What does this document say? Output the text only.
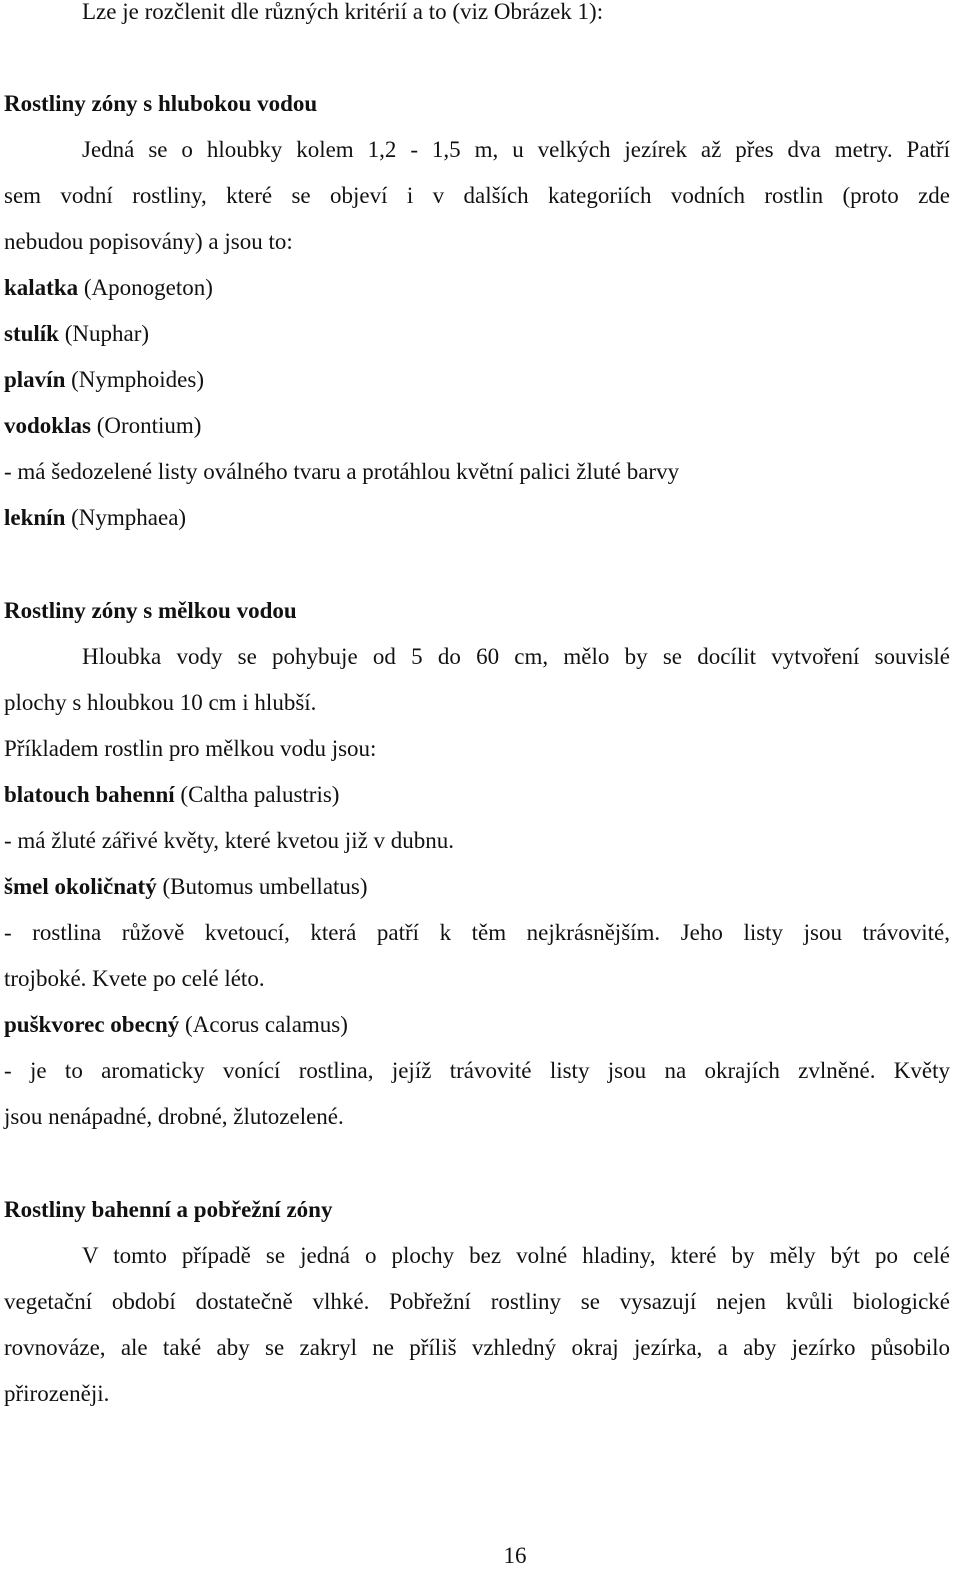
Lze je rozčlenit dle různých kritérií a to (viz Obrázek 1):
Rostliny zóny s hlubokou vodou
Jedná se o hloubky kolem 1,2 - 1,5 m, u velkých jezírek až přes dva metry. Patří
sem vodní rostliny, které se objeví i v dalších kategoriích vodních rostlin (proto zde
nebudou popisovány) a jsou to:
kalatka (Aponogeton)
stulík (Nuphar)
plavín (Nymphoides)
vodoklas (Orontium)
- má šedozelené listy oválného tvaru a protáhlou květní palici žluté barvy
leknín (Nymphaea)
Rostliny zóny s mělkou vodou
Hloubka vody se pohybuje od 5 do 60 cm, mělo by se docílit vytvoření souvislé
plochy s hloubkou 10 cm i hlubší.
Příkladem rostlin pro mělkou vodu jsou:
blatouch bahenní (Caltha palustris)
- má žluté zářivé květy, které kvetou již v dubnu.
šmel okoličnatý (Butomus umbellatus)
- rostlina růžově kvetoucí, která patří k těm nejkrásnějším. Jeho listy jsou trávovité,
trojboké. Kvete po celé léto.
puškvorec obecný (Acorus calamus)
- je to aromaticky vonící rostlina, jejíž trávovité listy jsou na okrajích zvlněné. Květy
jsou nenápadné, drobné, žlutozelené.
Rostliny bahenní a pobřežní zóny
V tomto případě se jedná o plochy bez volné hladiny, které by měly být po celé
vegetační období dostatečně vlhké. Pobřežní rostliny se vysazují nejen kvůli biologické
rovnováze, ale také aby se zakryl ne příliš vzhledný okraj jezírka, a aby jezírko působilo
přirozeněji.
16
